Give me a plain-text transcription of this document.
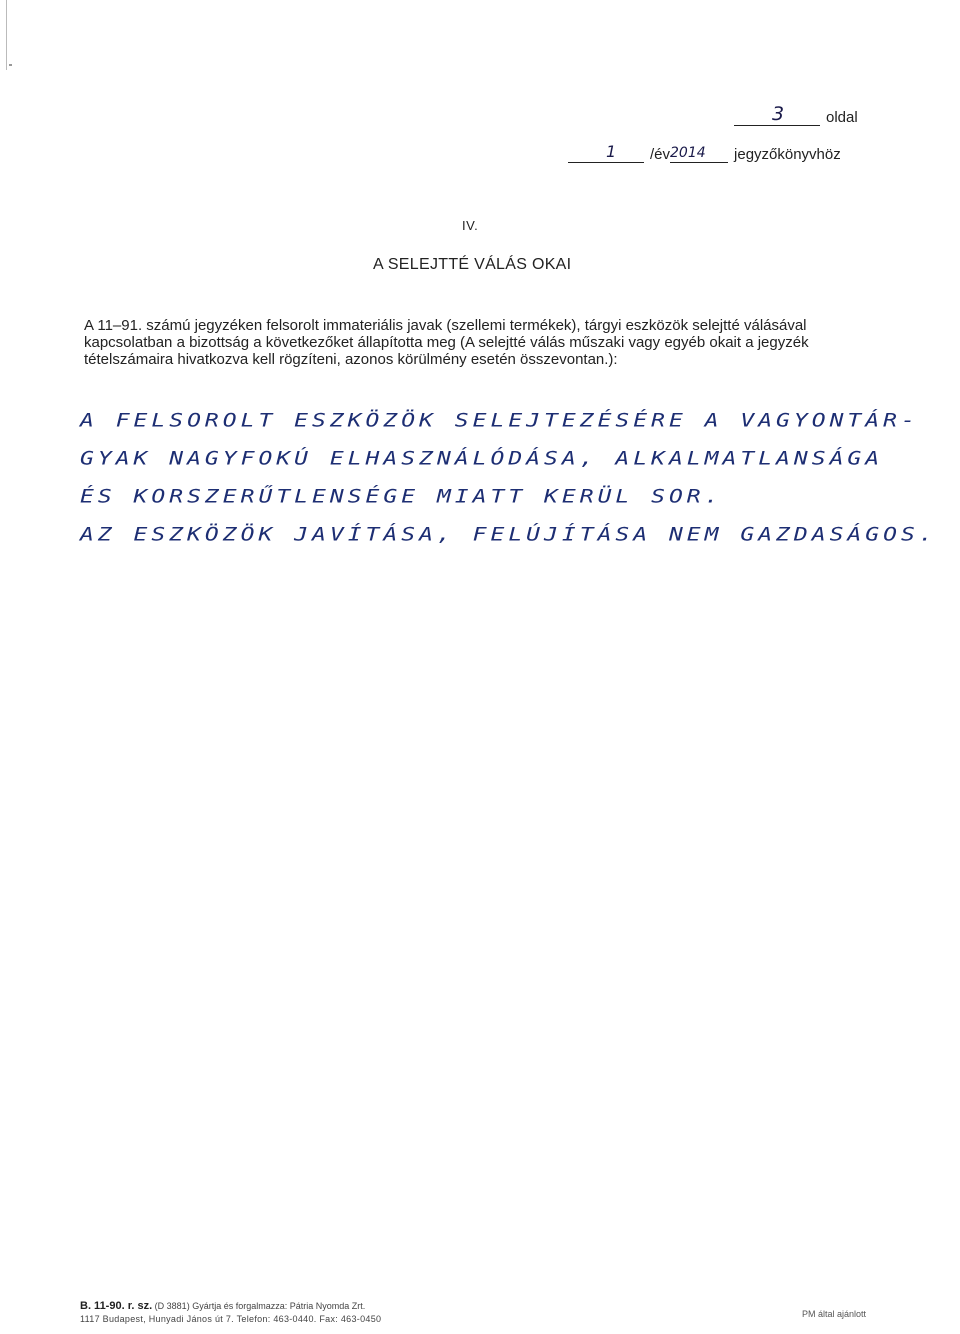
3	oldal
1 /év 2014 jegyzőkönyvhöz
IV.
A SELEJTTÉ VÁLÁS OKAI

A 11–91. számú jegyzéken felsorolt immateriális javak (szellemi termékek), tárgyi eszközök selejtté válásával

kapcsolatban a bizottság a következőket állapította meg (A selejtté válás műszaki vagy egyéb okait a jegyzék

tételszámaira hivatkozva kell rögzíteni, azonos körülmény esetén összevontan.):

A FELSOROLT ESZKÖZÖK SELEJTEZÉSÉRE A VAGYONTÁR-
GYAK NAGYFOKÚ ELHASZNÁLÓDÁSA, ALKALMATLANSÁGA
ÉS KORSZERŰTLENSÉGE MIATT KERÜL SOR.
AZ ESZKÖZÖK JAVÍTÁSA, FELÚJÍTÁSA NEM GAZDASÁGOS.
B. 11-90. r. sz. (D 3881) Gyártja és forgalmazza: Pátria Nyomda Zrt.
1117 Budapest, Hunyadi János út 7. Telefon: 463-0440. Fax: 463-0450	PM által ajánlott
